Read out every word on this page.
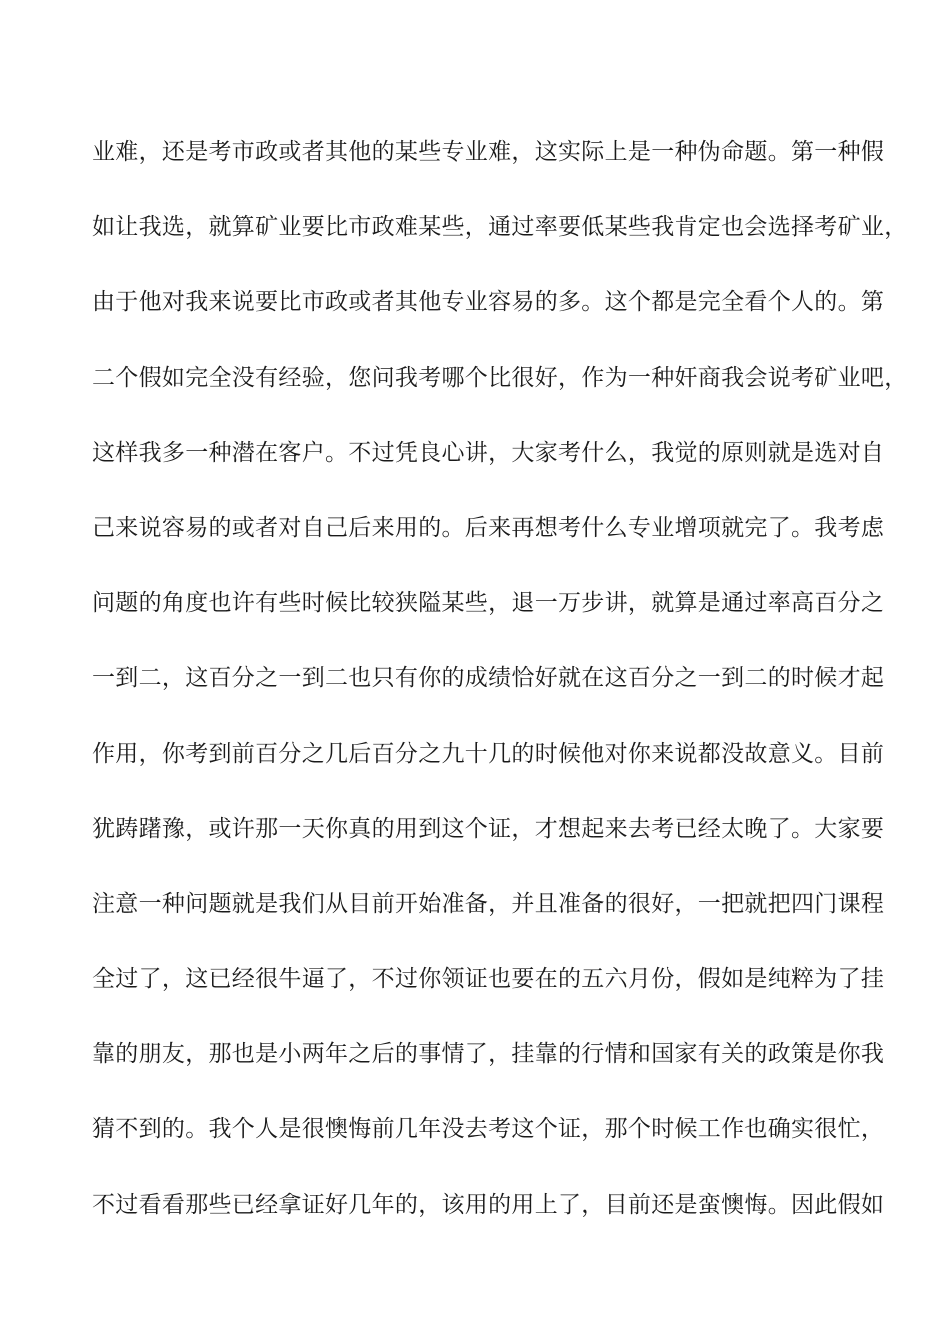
业难，还是考市政或者其他的某些专业难，这实际上是一种伪命题。第一种假
如让我选，就算矿业要比市政难某些，通过率要低某些我肯定也会选择考矿业，
由于他对我来说要比市政或者其他专业容易的多。这个都是完全看个人的。第
二个假如完全没有经验，您问我考哪个比很好，作为一种奸商我会说考矿业吧，
这样我多一种潜在客户。不过凭良心讲，大家考什么，我觉的原则就是选对自
己来说容易的或者对自己后来用的。后来再想考什么专业增项就完了。我考虑
问题的角度也许有些时候比较狭隘某些，退一万步讲，就算是通过率高百分之
一到二，这百分之一到二也只有你的成绩恰好就在这百分之一到二的时候才起
作用，你考到前百分之几后百分之九十几的时候他对你来说都没故意义。目前
犹踌躇豫，或许那一天你真的用到这个证，才想起来去考已经太晚了。大家要
注意一种问题就是我们从目前开始准备，并且准备的很好，一把就把四门课程
全过了，这已经很牛逼了，不过你领证也要在的五六月份，假如是纯粹为了挂
靠的朋友，那也是小两年之后的事情了，挂靠的行情和国家有关的政策是你我
猜不到的。我个人是很懊悔前几年没去考这个证，那个时候工作也确实很忙，
不过看看那些已经拿证好几年的，该用的用上了，目前还是蛮懊悔。因此假如
